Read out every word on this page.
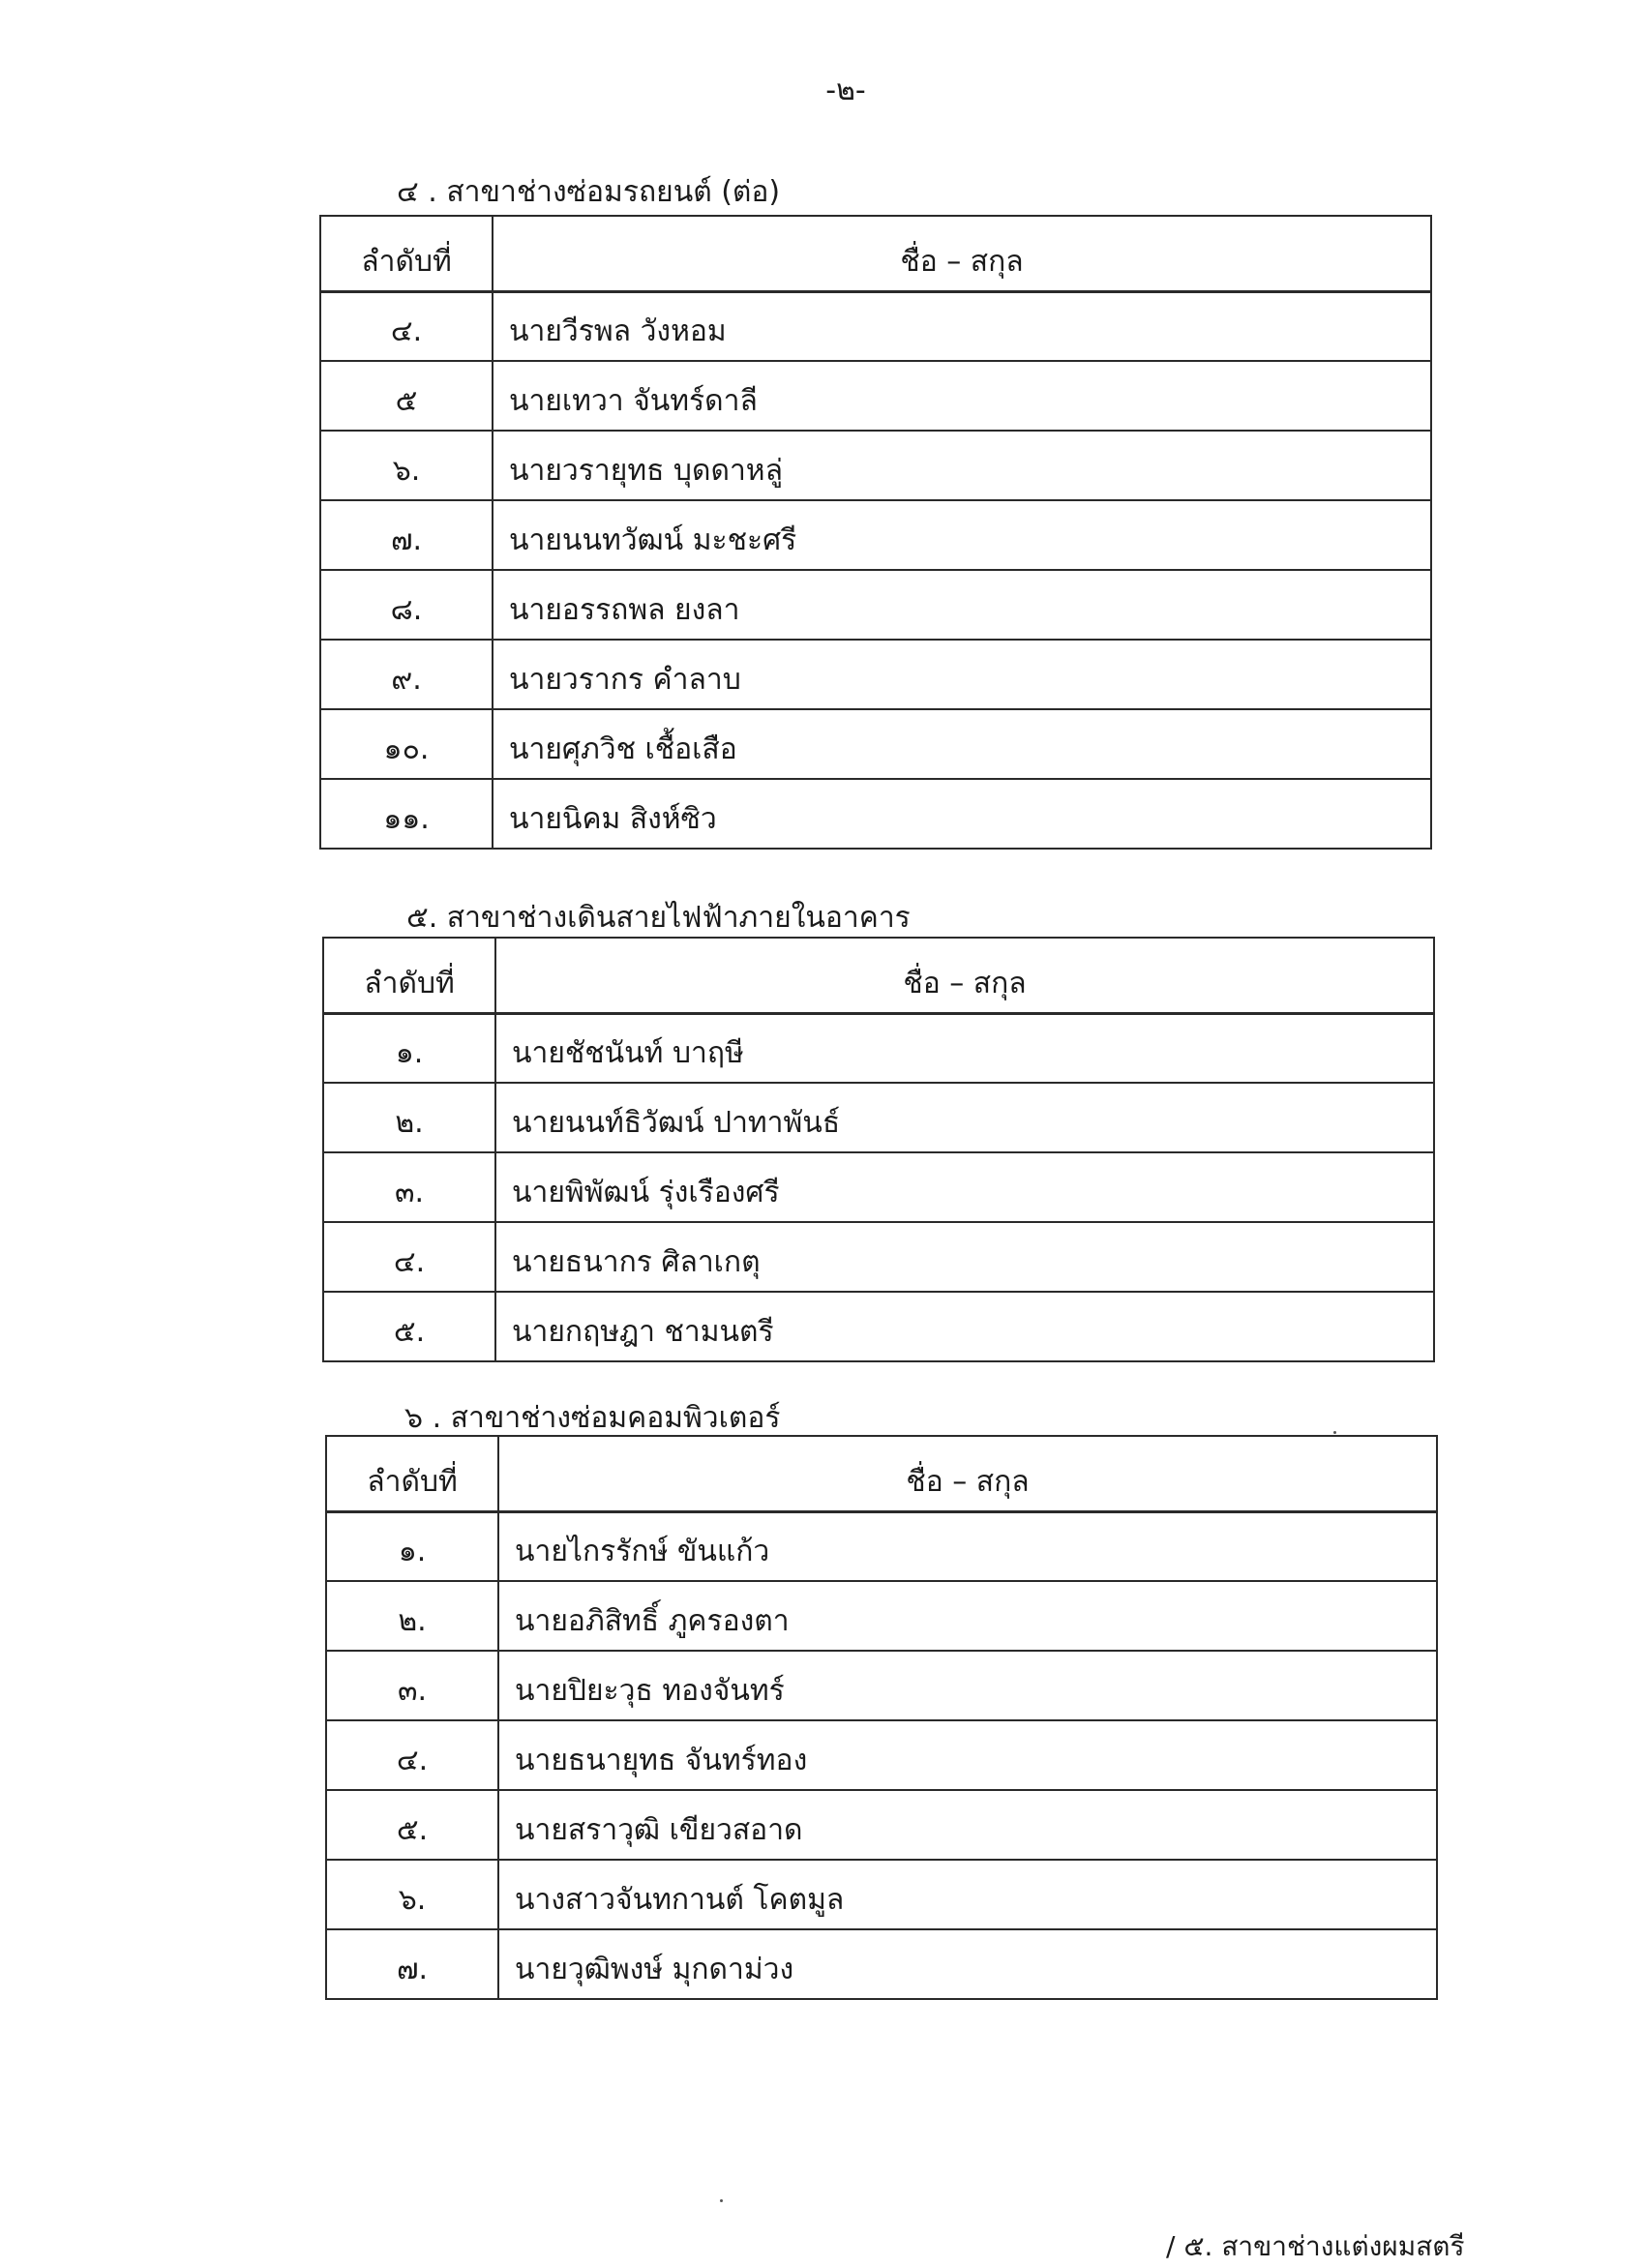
-๒-
๔ . สาขาช่างซ่อมรถยนต์ (ต่อ)
ลำดับที่	ชื่อ – สกุล
๔.	นายวีรพล วังหอม
๕	นายเทวา จันทร์ดาลี
๖.	นายวรายุทธ บุดดาหลู่
๗.	นายนนทวัฒน์ มะชะศรี
๘.	นายอรรถพล ยงลา
๙.	นายวรากร คำลาบ
๑๐.	นายศุภวิช เชื้อเสือ
๑๑.	นายนิคม สิงห์ซิว
๕. สาขาช่างเดินสายไฟฟ้าภายในอาคาร
ลำดับที่	ชื่อ – สกุล
๑.	นายชัชนันท์ บาฤษี
๒.	นายนนท์ธิวัฒน์ ปาทาพันธ์
๓.	นายพิพัฒน์ รุ่งเรืองศรี
๔.	นายธนากร ศิลาเกตุ
๕.	นายกฤษฎา ชามนตรี
๖ . สาขาช่างซ่อมคอมพิวเตอร์
ลำดับที่	ชื่อ – สกุล
๑.	นายไกรรักษ์ ขันแก้ว
๒.	นายอภิสิทธิ์ ภูครองตา
๓.	นายปิยะวุธ ทองจันทร์
๔.	นายธนายุทธ จันทร์ทอง
๕.	นายสราวุฒิ เขียวสอาด
๖.	นางสาวจันทกานต์ โคตมูล
๗.	นายวุฒิพงษ์ มุกดาม่วง
/ ๕. สาขาช่างแต่งผมสตรี
